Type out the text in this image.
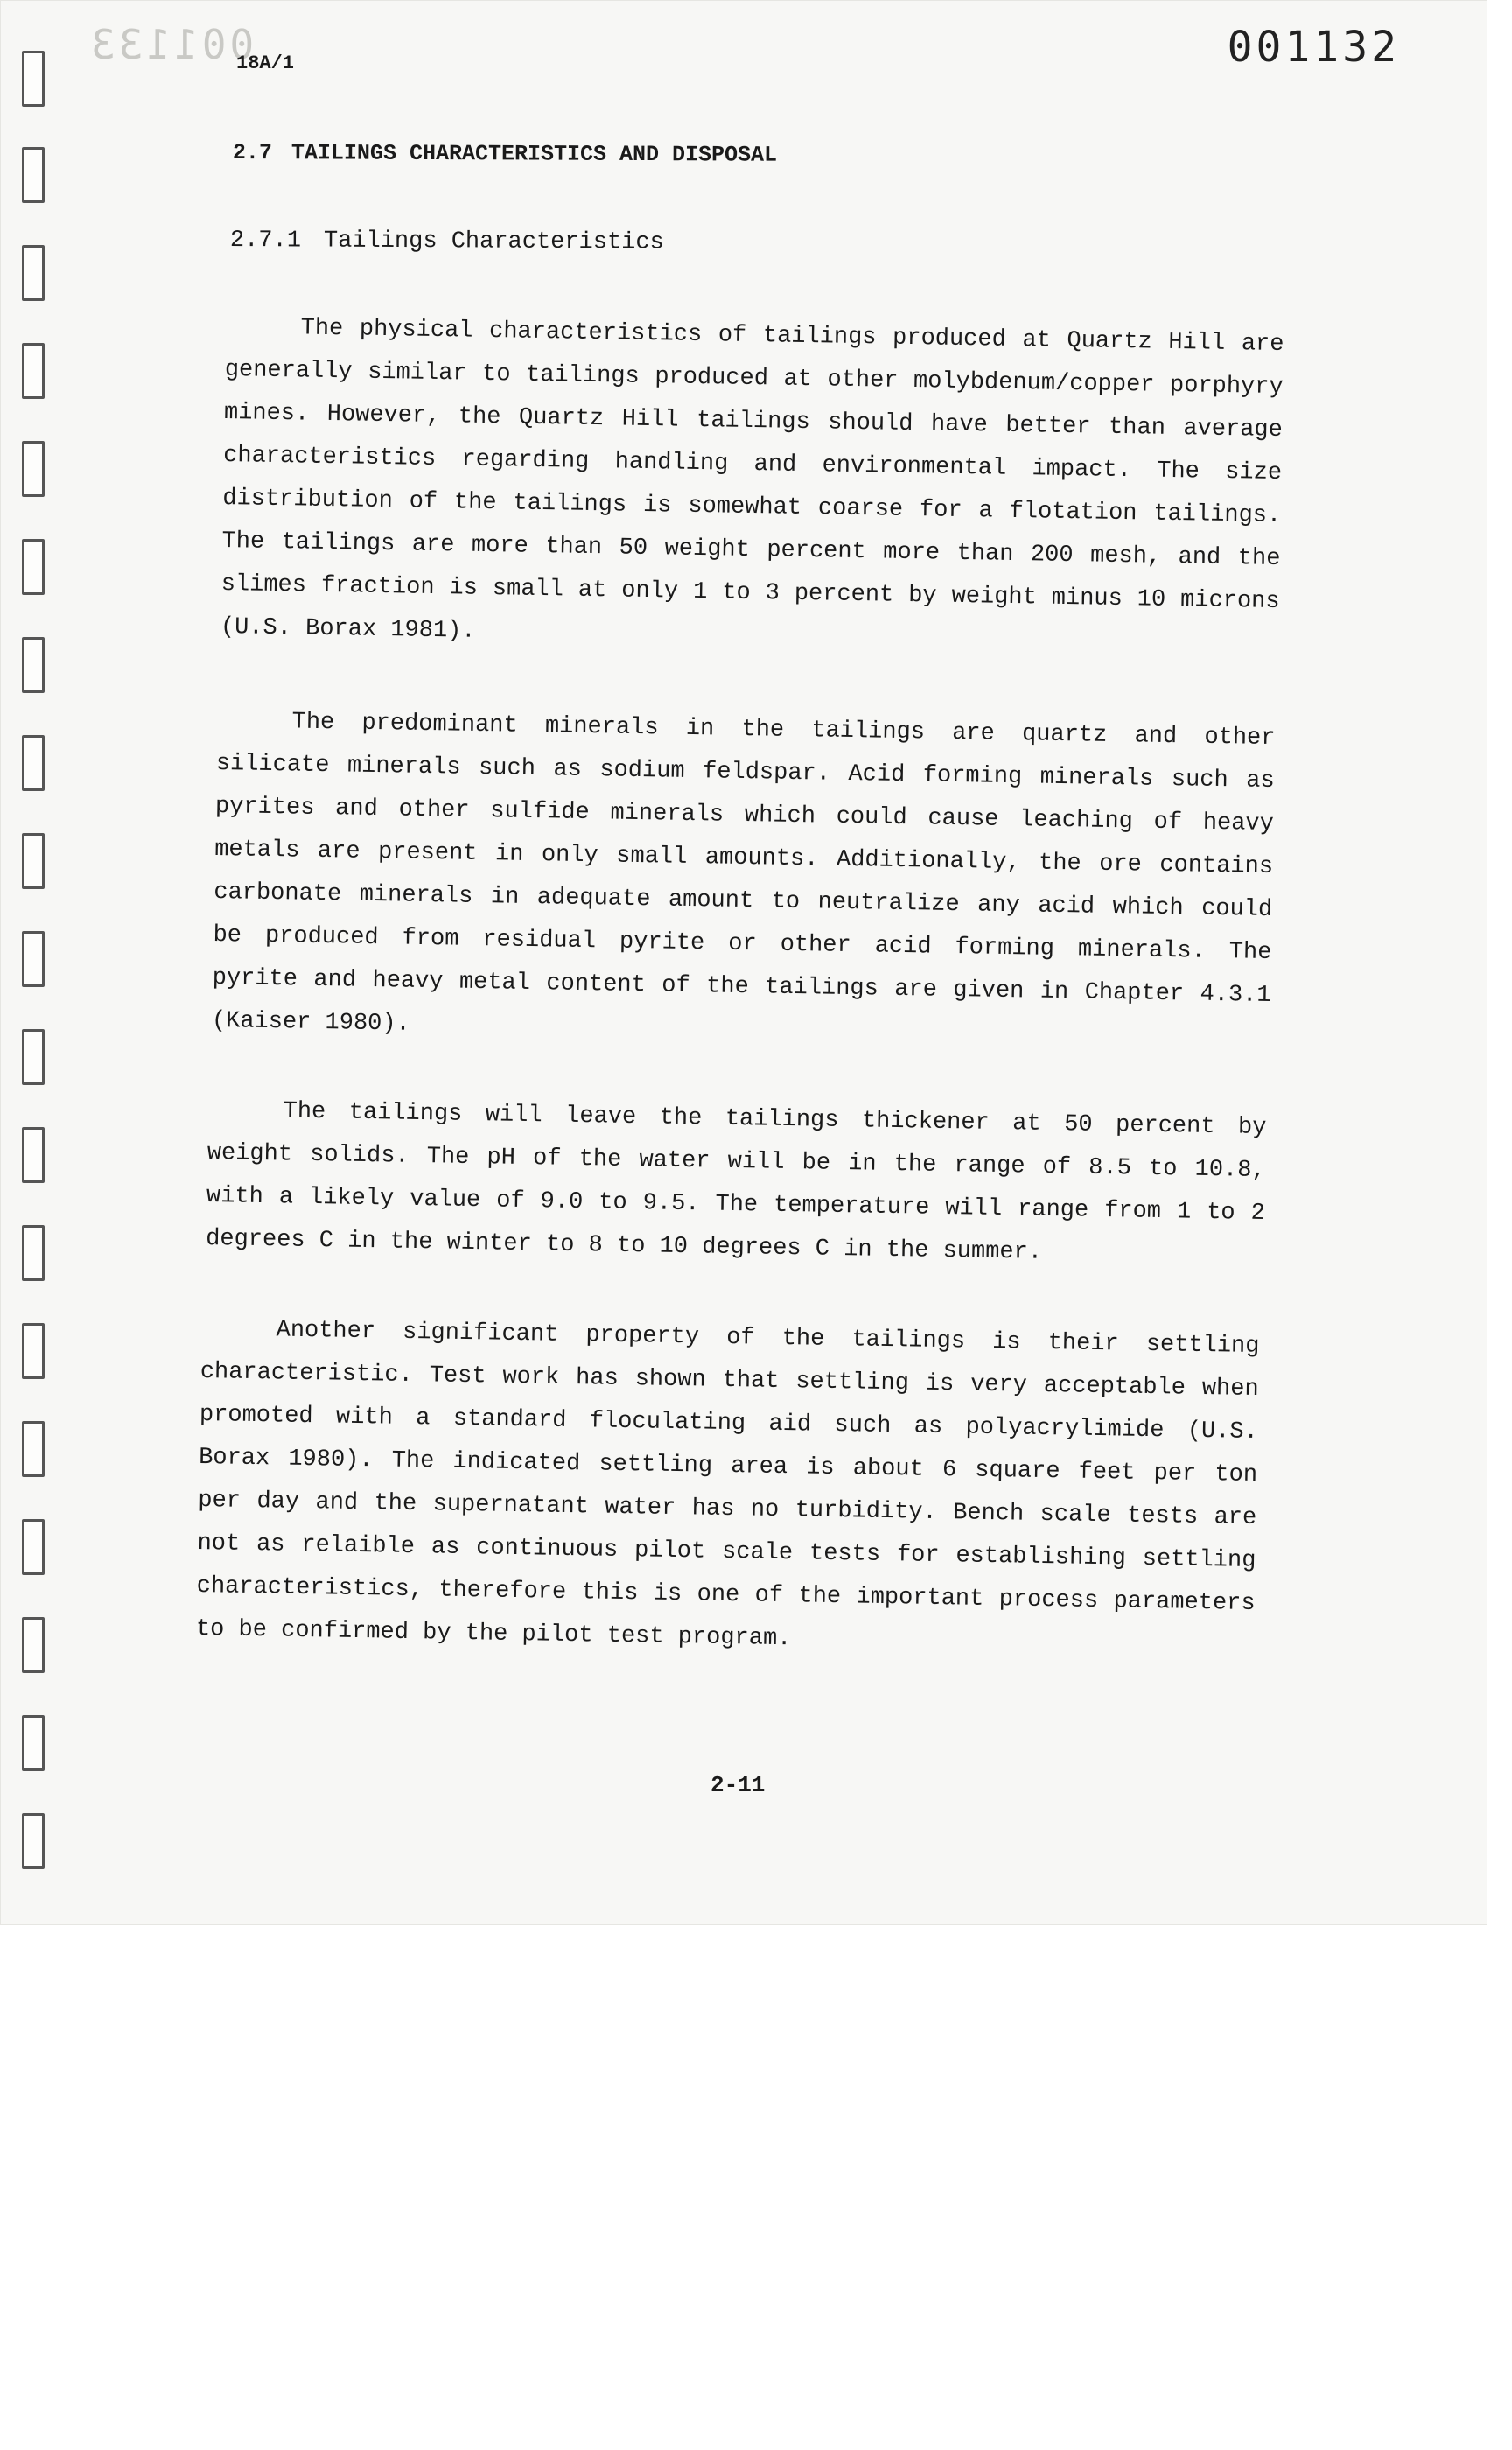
001133	001132
18A/1
2.7 TAILINGS CHARACTERISTICS AND DISPOSAL
2.7.1 Tailings Characteristics

The physical characteristics of tailings produced at Quartz Hill are generally similar to tailings produced at other molybdenum/copper porphyry mines. However, the Quartz Hill tailings should have better than average characteristics regarding handling and environmental impact. The size distribution of the tailings is somewhat coarse for a flotation tailings. The tailings are more than 50 weight percent more than 200 mesh, and the slimes fraction is small at only 1 to 3 percent by weight minus 10 microns (U.S. Borax 1981).

The predominant minerals in the tailings are quartz and other silicate minerals such as sodium feldspar. Acid forming minerals such as pyrites and other sulfide minerals which could cause leaching of heavy metals are present in only small amounts. Additionally, the ore contains carbonate minerals in adequate amount to neutralize any acid which could be produced from residual pyrite or other acid forming minerals. The pyrite and heavy metal content of the tailings are given in Chapter 4.3.1 (Kaiser 1980).

The tailings will leave the tailings thickener at 50 percent by weight solids. The pH of the water will be in the range of 8.5 to 10.8, with a likely value of 9.0 to 9.5. The temperature will range from 1 to 2 degrees C in the winter to 8 to 10 degrees C in the summer.

Another significant property of the tailings is their settling characteristic. Test work has shown that settling is very acceptable when promoted with a standard floculating aid such as polyacrylimide (U.S. Borax 1980). The indicated settling area is about 6 square feet per ton per day and the supernatant water has no turbidity. Bench scale tests are not as relaible as continuous pilot scale tests for establishing settling characteristics, therefore this is one of the important process parameters to be confirmed by the pilot test program.

2-11
